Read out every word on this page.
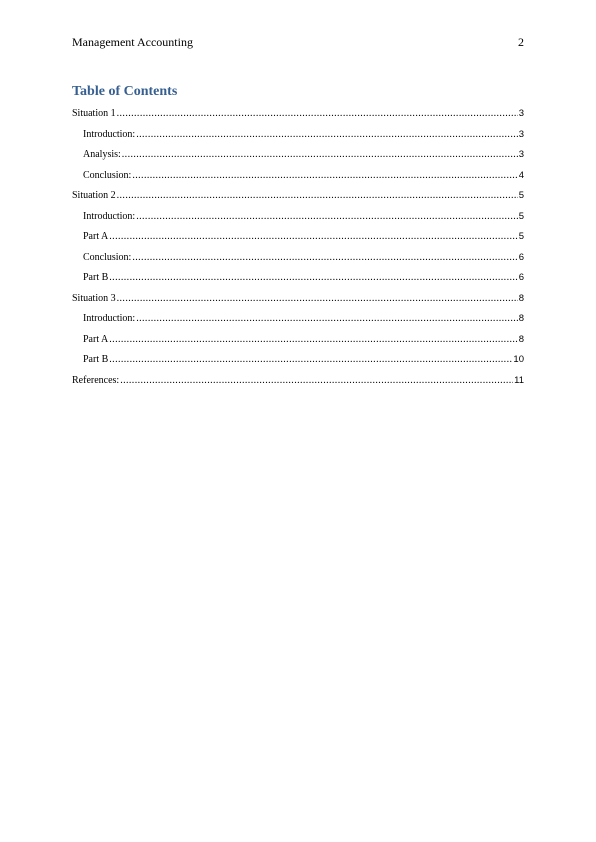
Management Accounting	2
Table of Contents
Situation 1 .....	3
Introduction: .....	3
Analysis: .....	3
Conclusion: .....	4
Situation 2 .....	5
Introduction: .....	5
Part A .....	5
Conclusion: .....	6
Part B .....	6
Situation 3 .....	8
Introduction: .....	8
Part A .....	8
Part B .....	10
References: .....	11
